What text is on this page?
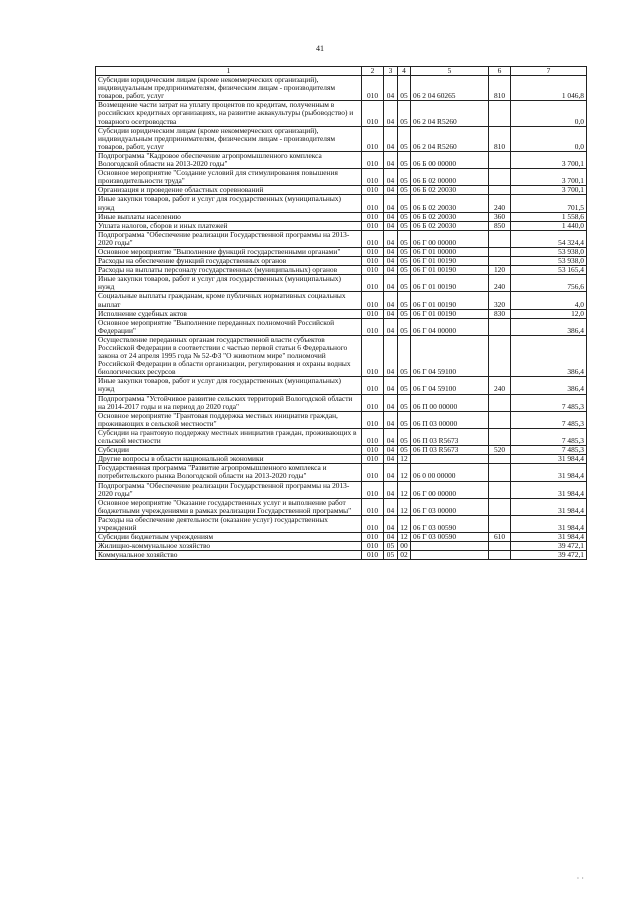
41
1	2	3	4	5	6	7
Субсидии юридическим лицам (кроме некоммерческих организаций), индивидуальным предпринимателям, физическим лицам - производителям товаров, работ, услуг	010	04	05	06 2 04 60265	810	1 046,8
Возмещение части затрат на уплату процентов по кредитам, полученным в российских кредитных организациях, на развитие аквакультуры (рыбоводство) и товарного осетроводства	010	04	05	06 2 04 R5260		0,0
Субсидии юридическим лицам (кроме некоммерческих организаций), индивидуальным предпринимателям, физическим лицам - производителям товаров, работ, услуг	010	04	05	06 2 04 R5260	810	0,0
Подпрограмма "Кадровое обеспечение агропромышленного комплекса Вологодской области на 2013-2020 годы"	010	04	05	06 Б 00 00000		3 700,1
Основное мероприятие "Создание условий для стимулирования повышения производительности труда"	010	04	05	06 Б 02 00000		3 700,1
Организация и проведение областных соревнований	010	04	05	06 Б 02 20030		3 700,1
Иные закупки товаров, работ и услуг для государственных (муниципальных) нужд	010	04	05	06 Б 02 20030	240	701,5
Иные выплаты населению	010	04	05	06 Б 02 20030	360	1 558,6
Уплата налогов, сборов и иных платежей	010	04	05	06 Б 02 20030	850	1 440,0
Подпрограмма "Обеспечение реализации Государственной программы на 2013-2020 годы"	010	04	05	06 Г 00 00000		54 324,4
Основное мероприятие "Выполнение функций государственными органами"	010	04	05	06 Г 01 00000		53 938,0
Расходы на обеспечение функций государственных органов	010	04	05	06 Г 01 00190		53 938,0
Расходы на выплаты персоналу государственных (муниципальных) органов	010	04	05	06 Г 01 00190	120	53 165,4
Иные закупки товаров, работ и услуг для государственных (муниципальных) нужд	010	04	05	06 Г 01 00190	240	756,6
Социальные выплаты гражданам, кроме публичных нормативных социальных выплат	010	04	05	06 Г 01 00190	320	4,0
Исполнение судебных актов	010	04	05	06 Г 01 00190	830	12,0
Основное мероприятие "Выполнение переданных полномочий Российской Федерации"	010	04	05	06 Г 04 00000		386,4
Осуществление переданных органам государственной власти субъектов Российской Федерации в соответствии с частью первой статьи 6 Федерального закона от 24 апреля 1995 года № 52-ФЗ "О животном мире" полномочий Российской Федерации в области организации, регулирования и охраны водных биологических ресурсов	010	04	05	06 Г 04 59100		386,4
Иные закупки товаров, работ и услуг для государственных (муниципальных) нужд	010	04	05	06 Г 04 59100	240	386,4
Подпрограмма "Устойчивое развитие сельских территорий Вологодской области на 2014-2017 годы и на период до 2020 года"	010	04	05	06 П 00 00000		7 485,3
Основное мероприятие "Грантовая поддержка местных инициатив граждан, проживающих в сельской местности"	010	04	05	06 П 03 00000		7 485,3
Субсидии на грантовую поддержку местных инициатив граждан, проживающих в сельской местности	010	04	05	06 П 03 R5673		7 485,3
Субсидии	010	04	05	06 П 03 R5673	520	7 485,3
Другие вопросы в области национальной экономики	010	04	12			31 984,4
Государственная программа "Развитие агропромышленного комплекса и потребительского рынка Вологодской области на 2013-2020 годы"	010	04	12	06 0 00 00000		31 984,4
Подпрограмма "Обеспечение реализации Государственной программы на 2013-2020 годы"	010	04	12	06 Г 00 00000		31 984,4
Основное мероприятие "Оказание государственных услуг и выполнение работ бюджетными учреждениями в рамках реализации Государственной программы"	010	04	12	06 Г 03 00000		31 984,4
Расходы на обеспечение деятельности (оказание услуг) государственных учреждений	010	04	12	06 Г 03 00590		31 984,4
Субсидии бюджетным учреждениям	010	04	12	06 Г 03 00590	610	31 984,4
Жилищно-коммунальное хозяйство	010	05	00			39 472,1
Коммунальное хозяйство	010	05	02			39 472,1
· ·
